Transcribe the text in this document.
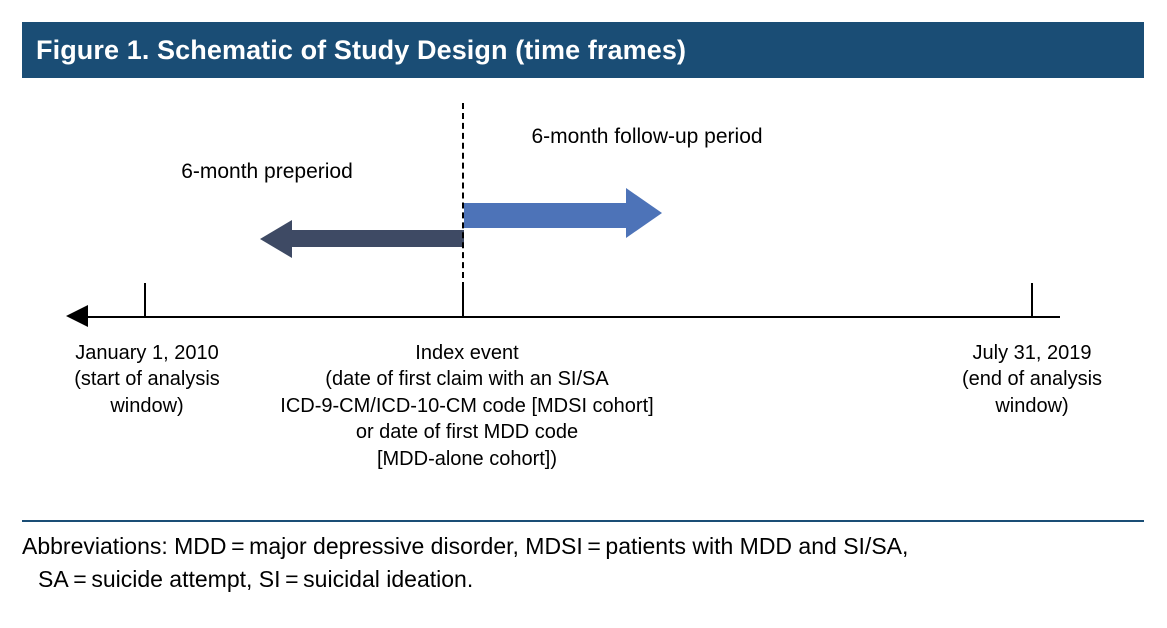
Figure 1. Schematic of Study Design (time frames)
6-month preperiod
6-month follow-up period
January 1, 2010
(start of analysis
window)
Index event
(date of first claim with an SI/SA
ICD-9-CM/ICD-10-CM code [MDSI cohort]
or date of first MDD code
[MDD-alone cohort])
July 31, 2019
(end of analysis
window)
Abbreviations: MDD = major depressive disorder, MDSI = patients with MDD and SI/SA,
SA = suicide attempt, SI = suicidal ideation.
